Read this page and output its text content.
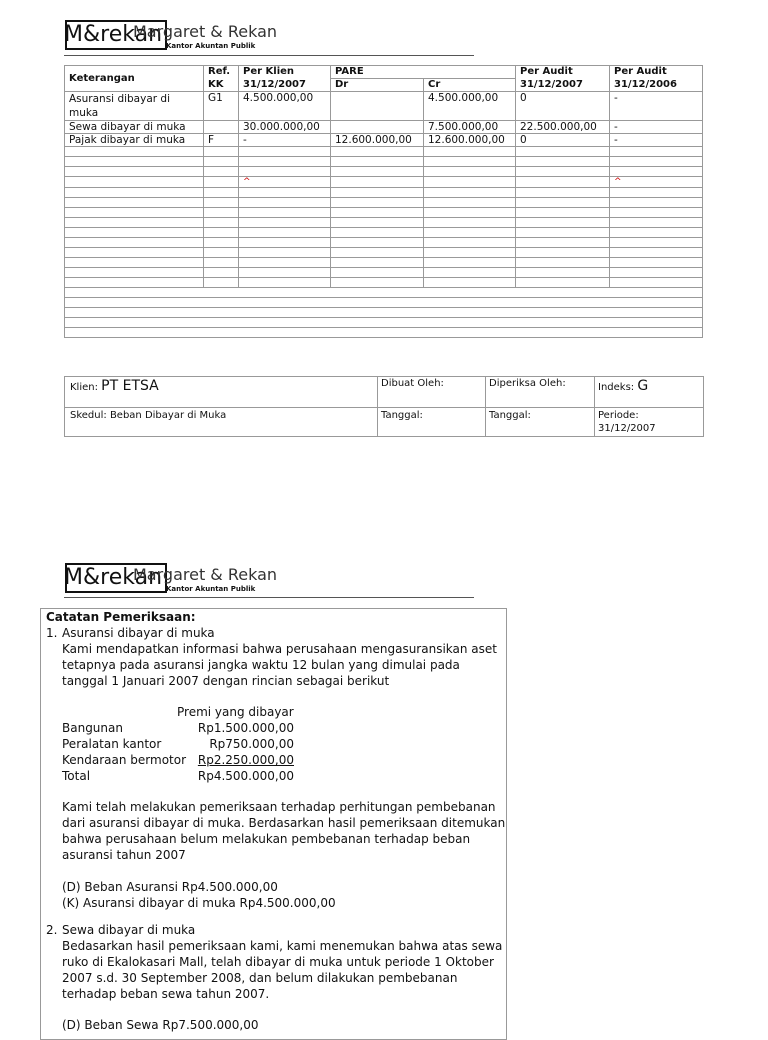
M&rekan
Margaret & Rekan
Kantor Akuntan Publik
Keterangan	Ref.	Per Klien	PARE		Per Audit	Per Audit
	KK	31/12/2007	Dr	Cr	31/12/2007	31/12/2006
Asuransi dibayar di
muka	G1	4.500.000,00		4.500.000,00	0	-
Sewa dibayar di muka		30.000.000,00		7.500.000,00	22.500.000,00	-
Pajak dibayar di muka	F	-	12.600.000,00	12.600.000,00	0	-

		^				^

Klien: PT ETSA	Dibuat Oleh:	Diperiksa Oleh:	Indeks: G
Skedul: Beban Dibayar di Muka	Tanggal:	Tanggal:	Periode:
31/12/2007
M&rekan
Margaret & Rekan
Kantor Akuntan Publik
Catatan Pemeriksaan:
1. Asuransi dibayar di muka
Kami mendapatkan informasi bahwa perusahaan mengasuransikan aset
tetapnya pada asuransi jangka waktu 12 bulan yang dimulai pada
tanggal 1 Januari 2007 dengan rincian sebagai berikut
Premi yang dibayar
Bangunan	Rp1.500.000,00
Peralatan kantor	Rp750.000,00
Kendaraan bermotor Rp2.250.000,00
Total	Rp4.500.000,00
Kami telah melakukan pemeriksaan terhadap perhitungan pembebanan
dari asuransi dibayar di muka. Berdasarkan hasil pemeriksaan ditemukan
bahwa perusahaan belum melakukan pembebanan terhadap beban
asuransi tahun 2007
(D) Beban Asuransi Rp4.500.000,00
(K) Asuransi dibayar di muka Rp4.500.000,00
2. Sewa dibayar di muka
Bedasarkan hasil pemeriksaan kami, kami menemukan bahwa atas sewa
ruko di Ekalokasari Mall, telah dibayar di muka untuk periode 1 Oktober
2007 s.d. 30 September 2008, dan belum dilakukan pembebanan
terhadap beban sewa tahun 2007.
(D) Beban Sewa Rp7.500.000,00
